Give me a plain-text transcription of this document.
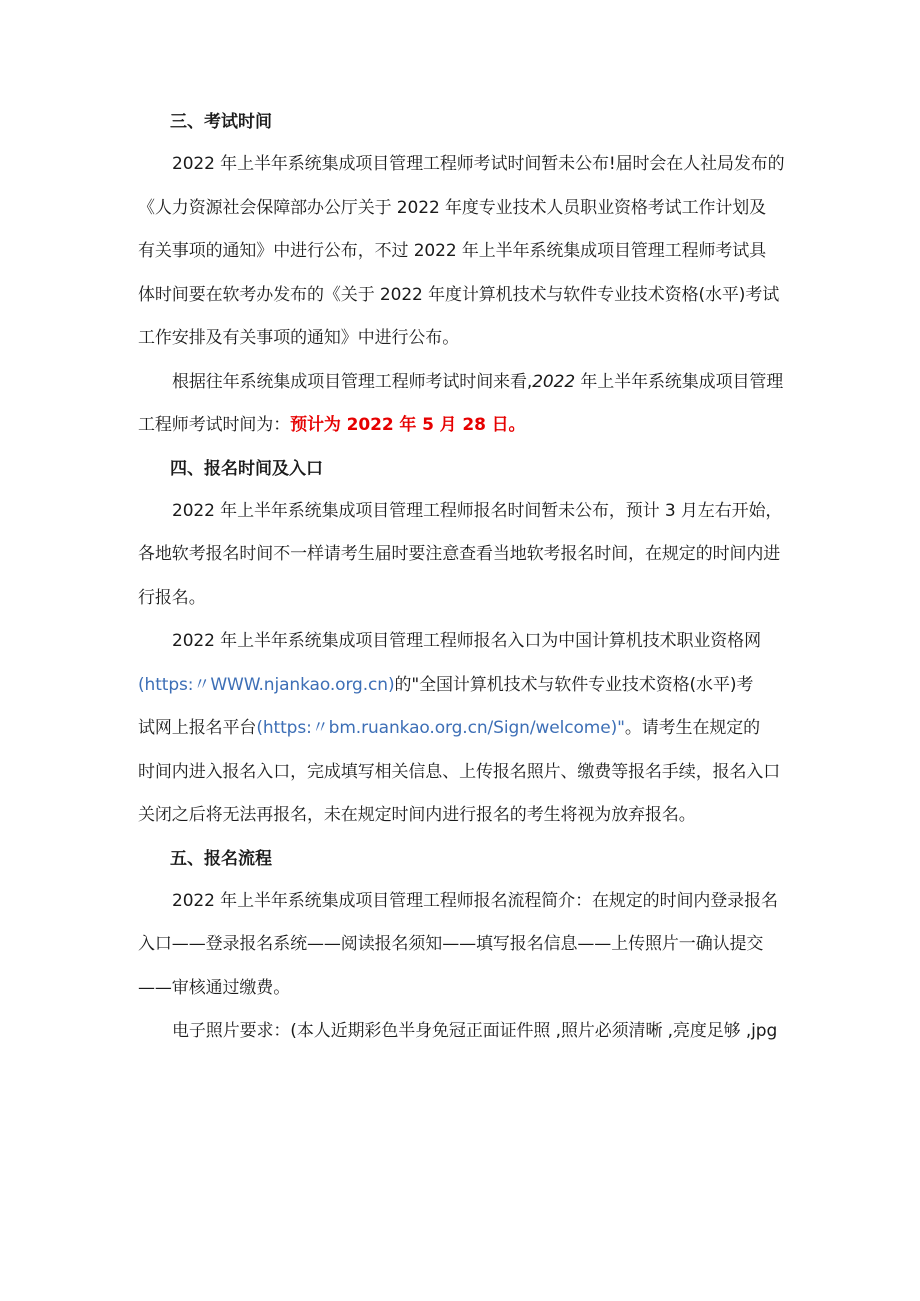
三、考试时间
2022 年上半年系统集成项目管理工程师考试时间暂未公布!届时会在人社局发布的
《人力资源社会保障部办公厅关于 2022 年度专业技术人员职业资格考试工作计划及
有关事项的通知》中进行公布，不过 2022 年上半年系统集成项目管理工程师考试具
体时间要在软考办发布的《关于 2022 年度计算机技术与软件专业技术资格(水平)考试
工作安排及有关事项的通知》中进行公布。
根据往年系统集成项目管理工程师考试时间来看,2022 年上半年系统集成项目管理
工程师考试时间为：预计为 2022 年 5 月 28 日。
四、报名时间及入口
2022 年上半年系统集成项目管理工程师报名时间暂未公布，预计 3 月左右开始，
各地软考报名时间不一样请考生届时要注意查看当地软考报名时间，在规定的时间内进
行报名。
2022 年上半年系统集成项目管理工程师报名入口为中国计算机技术职业资格网
(https:〃WWW.njankao.org.cn)的"全国计算机技术与软件专业技术资格(水平)考
试网上报名平台(https:〃bm.ruankao.org.cn/Sign/welcome)"。请考生在规定的
时间内进入报名入口，完成填写相关信息、上传报名照片、缴费等报名手续，报名入口
关闭之后将无法再报名，未在规定时间内进行报名的考生将视为放弃报名。
五、报名流程
2022 年上半年系统集成项目管理工程师报名流程简介：在规定的时间内登录报名
入口——登录报名系统——阅读报名须知——填写报名信息——上传照片一确认提交
——审核通过缴费。
电子照片要求：(本人近期彩色半身免冠正面证件照 ,照片必须清晰 ,亮度足够 ,jpg
